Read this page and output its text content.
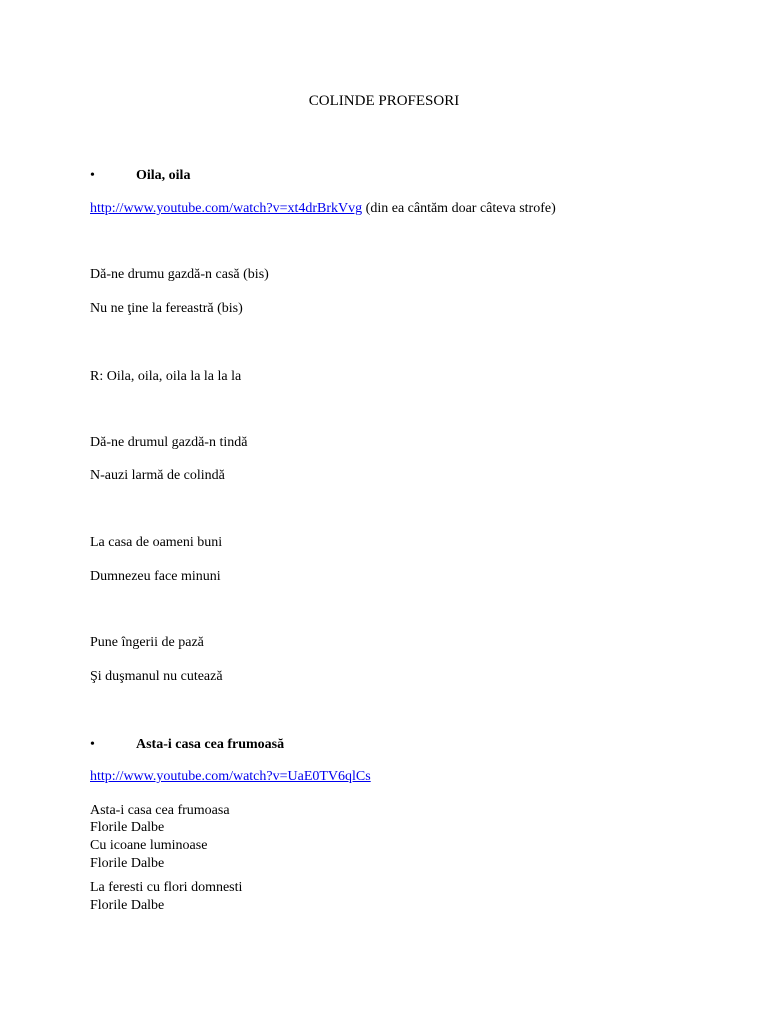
COLINDE PROFESORI
•	Oila, oila
http://www.youtube.com/watch?v=xt4drBrkVvg (din ea cântăm doar câteva strofe)
Dă-ne drumu gazdă-n casă (bis)
Nu ne ţine la fereastră (bis)
R: Oila, oila, oila la la la la
Dă-ne drumul gazdă-n tindă
N-auzi larmă de colindă
La casa de oameni buni
Dumnezeu face minuni
Pune îngerii de pază
Şi duşmanul nu cutează
•	Asta-i casa cea frumoasă
http://www.youtube.com/watch?v=UaE0TV6qlCs
Asta-i casa cea frumoasa
Florile Dalbe
Cu icoane luminoase
Florile Dalbe
La feresti cu flori domnesti
Florile Dalbe
